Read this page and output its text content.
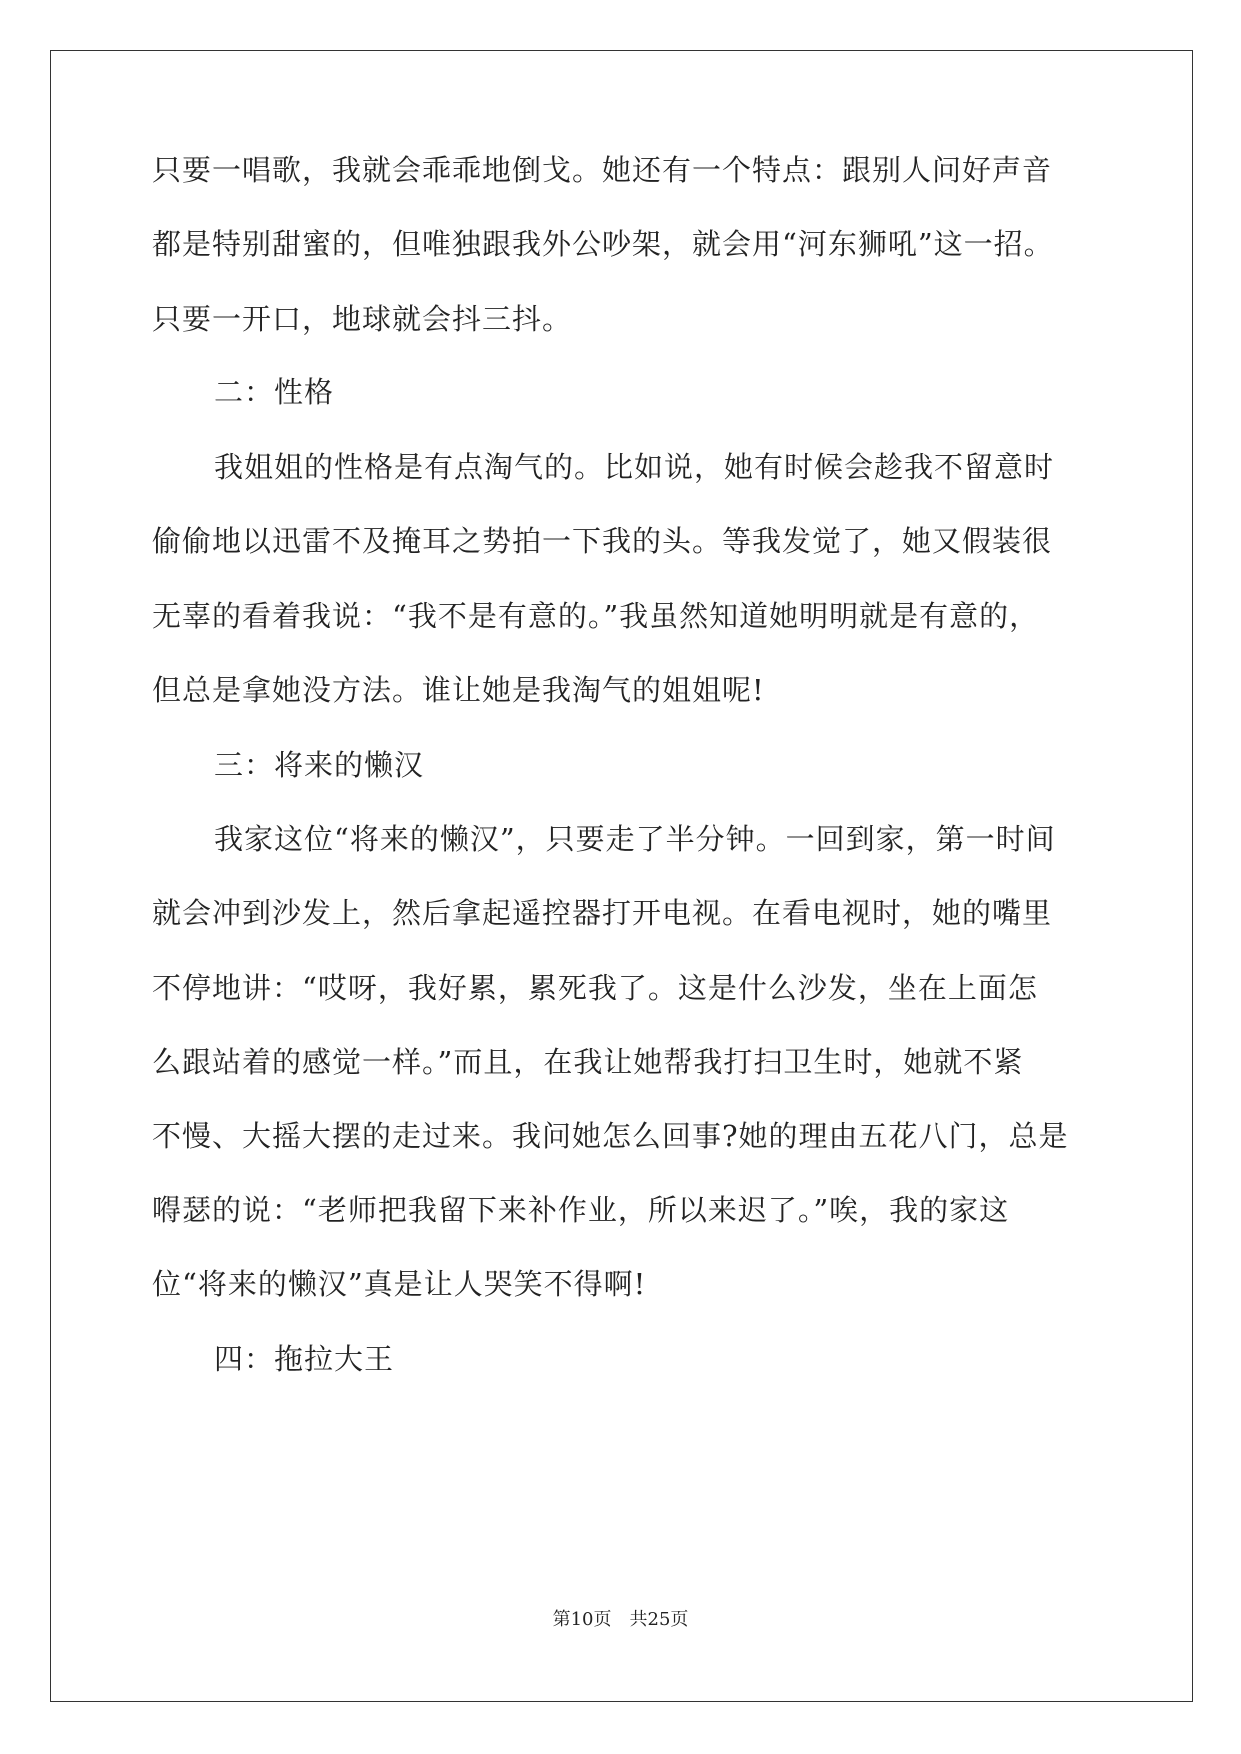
只要一唱歌，我就会乖乖地倒戈。她还有一个特点：跟别人问好声音
都是特别甜蜜的，但唯独跟我外公吵架，就会用“河东狮吼”这一招。
只要一开口，地球就会抖三抖。
二：性格
我姐姐的性格是有点淘气的。比如说，她有时候会趁我不留意时
偷偷地以迅雷不及掩耳之势拍一下我的头。等我发觉了，她又假装很
无辜的看着我说：“我不是有意的。”我虽然知道她明明就是有意的，
但总是拿她没方法。谁让她是我淘气的姐姐呢!
三：将来的懒汉
我家这位“将来的懒汉”，只要走了半分钟。一回到家，第一时间
就会冲到沙发上，然后拿起遥控器打开电视。在看电视时，她的嘴里
不停地讲：“哎呀，我好累，累死我了。这是什么沙发，坐在上面怎
么跟站着的感觉一样。”而且，在我让她帮我打扫卫生时，她就不紧
不慢、大摇大摆的走过来。我问她怎么回事?她的理由五花八门，总是
嘚瑟的说：“老师把我留下来补作业，所以来迟了。”唉，我的家这
位“将来的懒汉”真是让人哭笑不得啊!
四：拖拉大王
第10页　共25页
